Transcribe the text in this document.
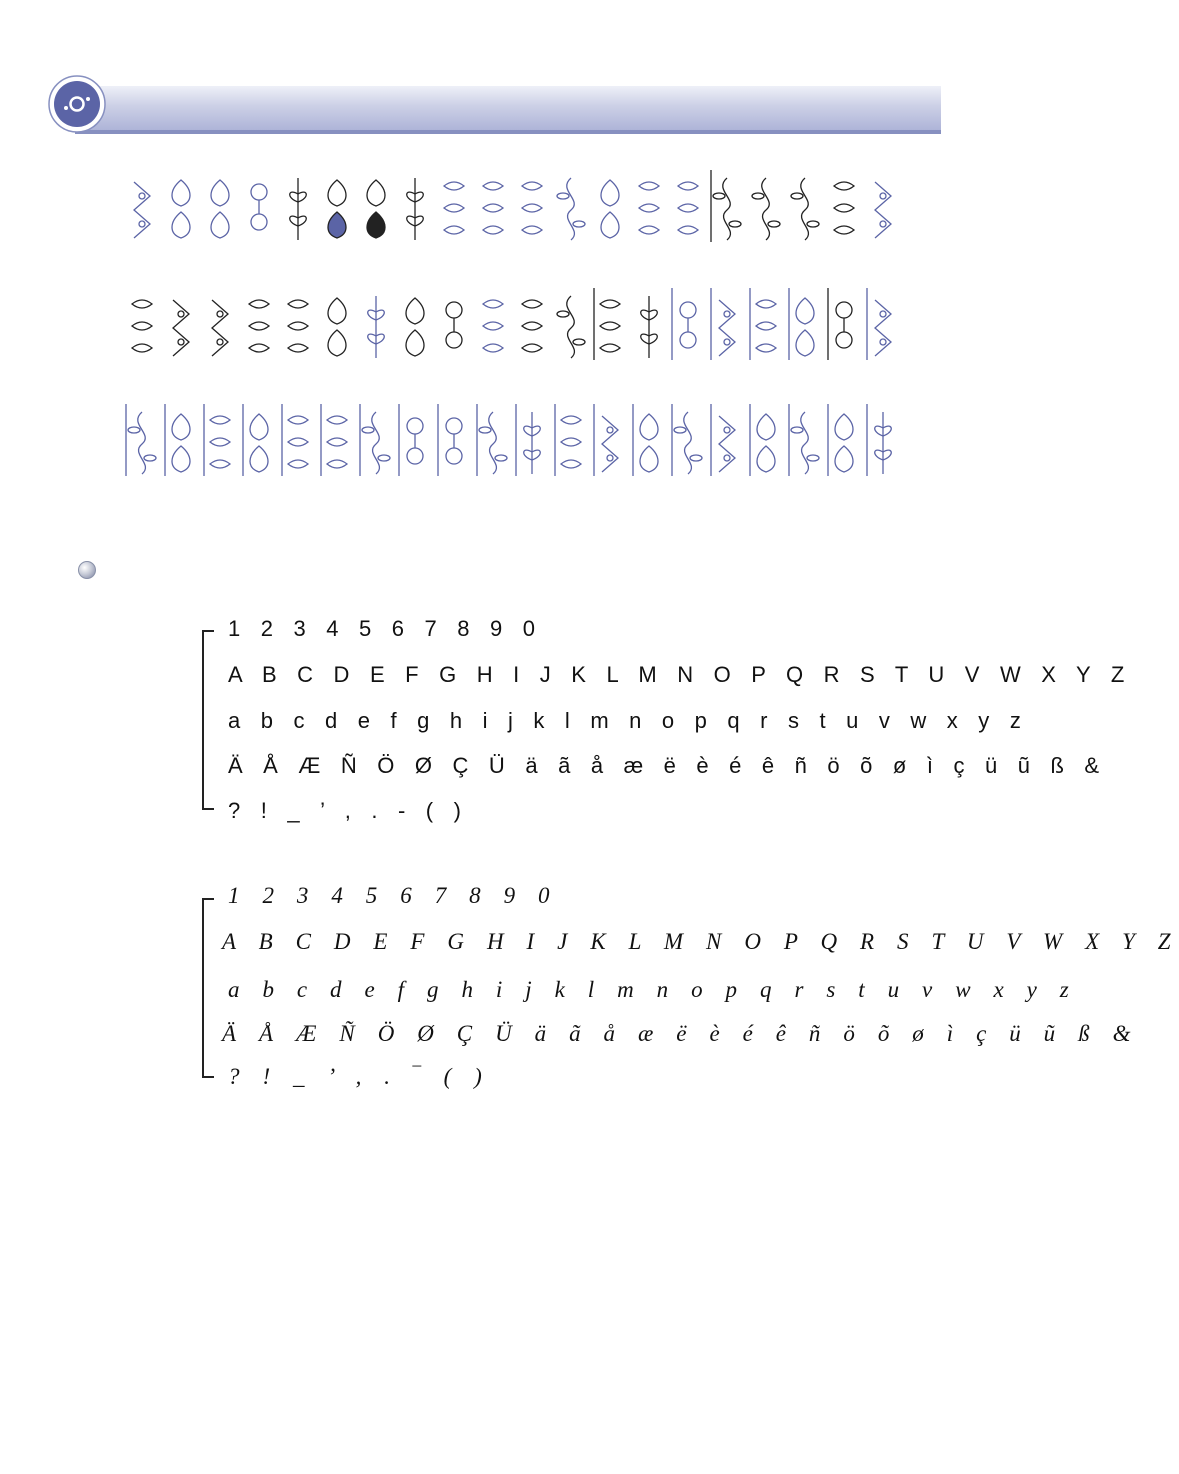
1 2 3 4 5 6 7 8 9 0
A B C D E F G H I J K L M N O P Q R S T U V W X Y Z
a b c d e f g h i j k l m n o p q r s t u v w x y z
Ä Å Æ Ñ Ö Ø Ç Ü ä ã å æ ë è é ê ñ ö õ ø ì ç ü ũ ß &
? ! _ ’ , . - ( )
1 2 3 4 5 6 7 8 9 0
A B C D E F G H I J K L M N O P Q R S T U V W X Y Z
a b c d e f g h i j k l m n o p q r s t u v w x y z
Ä Å Æ Ñ Ö Ø Ç Ü ä ã å æ ë è é ê ñ ö õ ø ì ç ü ũ ß &
? ! _ ’ , . ‾ ( )
